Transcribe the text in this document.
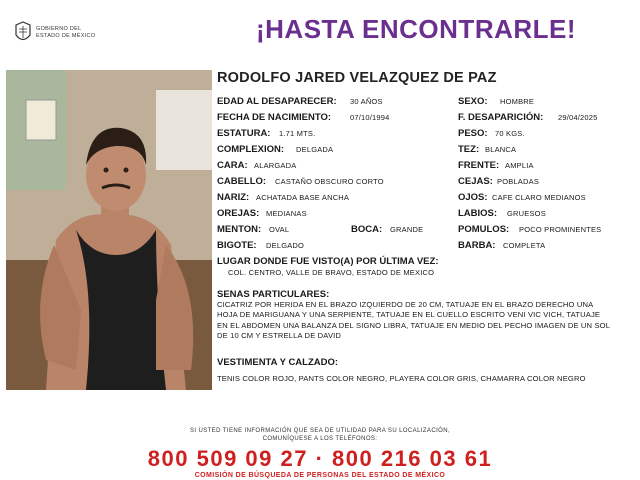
GOBIERNO DEL
ESTADO DE MÉXICO	¡HASTA ENCONTRARLE!
RODOLFO JARED VELAZQUEZ DE PAZ
EDAD AL DESAPARECER: 30 AÑOS	SEXO: HOMBRE
FECHA DE NACIMIENTO:	07/10/1994	F. DESAPARICIÓN: 29/04/2025
ESTATURA: 1.71 MTS.	PESO: 70 KGS.
COMPLEXION: DELGADA	TEZ: BLANCA
CARA: ALARGADA	FRENTE: AMPLIA
CABELLO: CASTAÑO OBSCURO CORTO	CEJAS: POBLADAS
NARIZ: ACHATADA BASE ANCHA	OJOS: CAFE CLARO MEDIANOS
OREJAS: MEDIANAS	LABIOS: GRUESOS
MENTON: OVAL	BOCA: GRANDE	POMULOS: POCO PROMINENTES
BIGOTE: DELGADO	BARBA: COMPLETA
LUGAR DONDE FUE VISTO(A) POR ÚLTIMA VEZ:
COL. CENTRO, VALLE DE BRAVO, ESTADO DE MEXICO
SENAS PARTICULARES:
CICATRIZ POR HERIDA EN EL BRAZO IZQUIERDO DE 20 CM, TATUAJE EN EL BRAZO DERECHO UNA HOJA DE MARIGUANA Y UNA SERPIENTE, TATUAJE EN EL CUELLO ESCRITO VENI VIC VICH, TATUAJE EN EL ABDOMEN UNA BALANZA DEL SIGNO LIBRA, TATUAJE EN MEDIO DEL PECHO IMAGEN DE UN SOL DE 10 CM Y ESTRELLA DE DAVID
VESTIMENTA Y CALZADO:
TENIS COLOR ROJO, PANTS COLOR NEGRO, PLAYERA COLOR GRIS, CHAMARRA COLOR NEGRO
SI USTED TIENE INFORMACIÓN QUE SEA DE UTILIDAD PARA SU LOCALIZACIÓN,
COMUNÍQUESE A LOS TELÉFONOS:
800 509 09 27 · 800 216 03 61
COMISIÓN DE BÚSQUEDA DE PERSONAS DEL ESTADO DE MÉXICO
